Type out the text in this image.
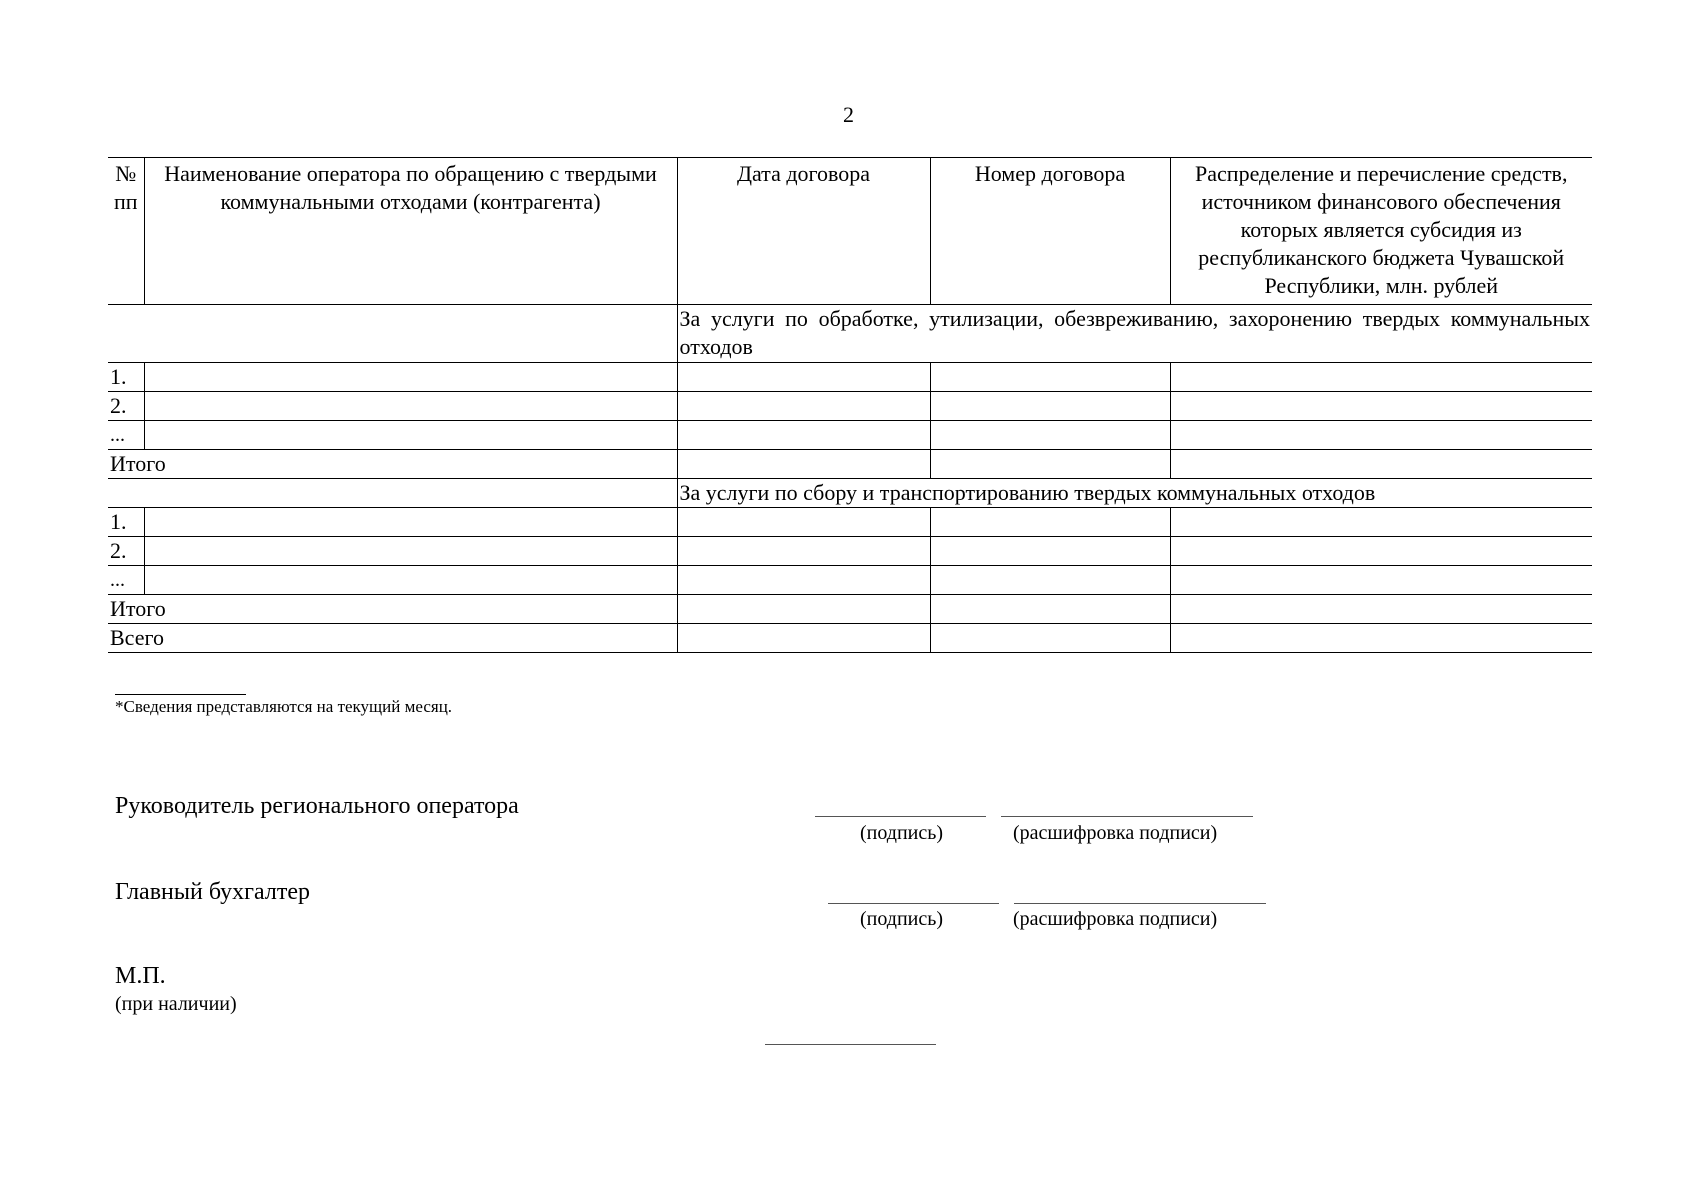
2
№ пп	Наименование оператора по обращению с твердыми коммунальными отходами (контрагента)	Дата договора	Номер договора	Распределение и перечисление средств, источником финансового обеспечения которых является субсидия из республиканского бюджета Чувашской Республики, млн. рублей
		За услуги по обработке, утилизации, обезвреживанию, захоронению твердых коммунальных отходов		
1.				
2.				
...				
Итого				
		За услуги по сбору и транспортированию твердых коммунальных отходов		
1.				
2.				
...				
Итого				
Всего				
*Сведения представляются на текущий месяц.
Руководитель регионального оператора
(подпись)	(расшифровка подписи)
Главный бухгалтер
(подпись)	(расшифровка подписи)
М.П.
(при наличии)
